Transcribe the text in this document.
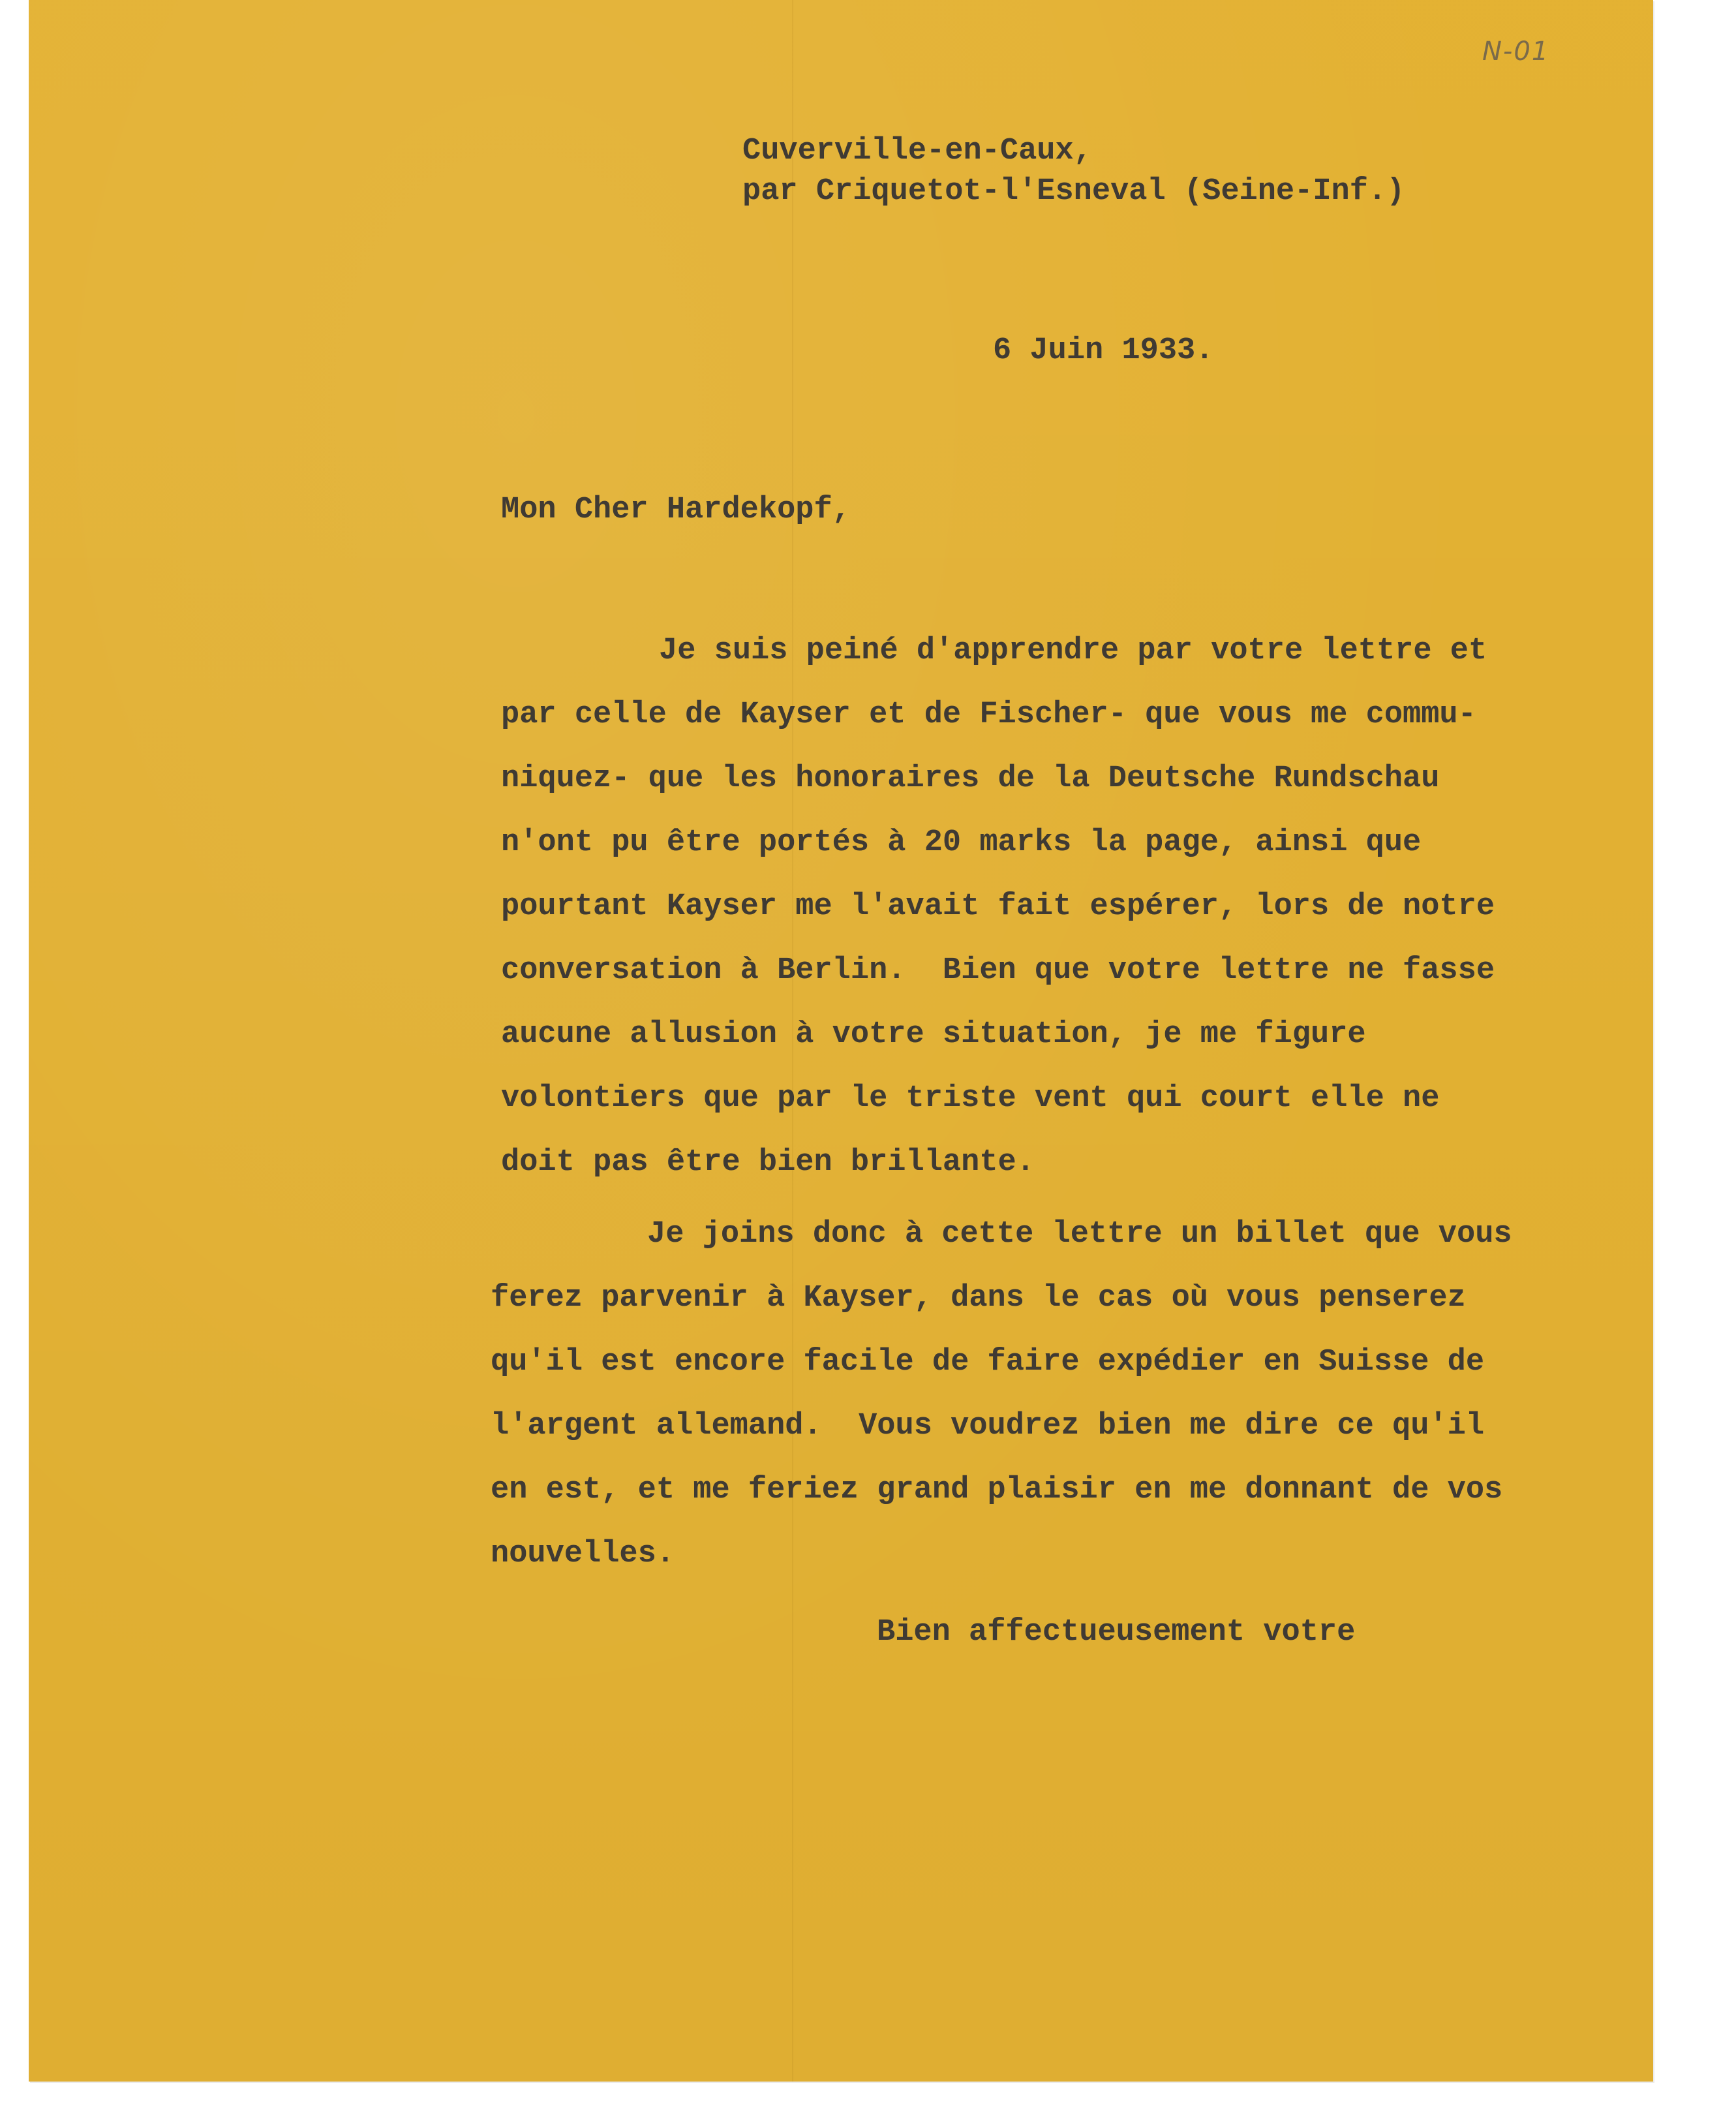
N-01
Cuverville-en-Caux,
par Criquetot-l'Esneval (Seine-Inf.)
6 Juin 1933.
Mon Cher Hardekopf,
Je suis peiné d'apprendre par votre lettre et
par celle de Kayser et de Fischer- que vous me commu-
niquez- que les honoraires de la Deutsche Rundschau
n'ont pu être portés à 20 marks la page, ainsi que
pourtant Kayser me l'avait fait espérer, lors de notre
conversation à Berlin.  Bien que votre lettre ne fasse
aucune allusion à votre situation, je me figure
volontiers que par le triste vent qui court elle ne
doit pas être bien brillante.
Je joins donc à cette lettre un billet que vous
ferez parvenir à Kayser, dans le cas où vous penserez
qu'il est encore facile de faire expédier en Suisse de
l'argent allemand.  Vous voudrez bien me dire ce qu'il
en est, et me feriez grand plaisir en me donnant de vos
nouvelles.
Bien affectueusement votre
